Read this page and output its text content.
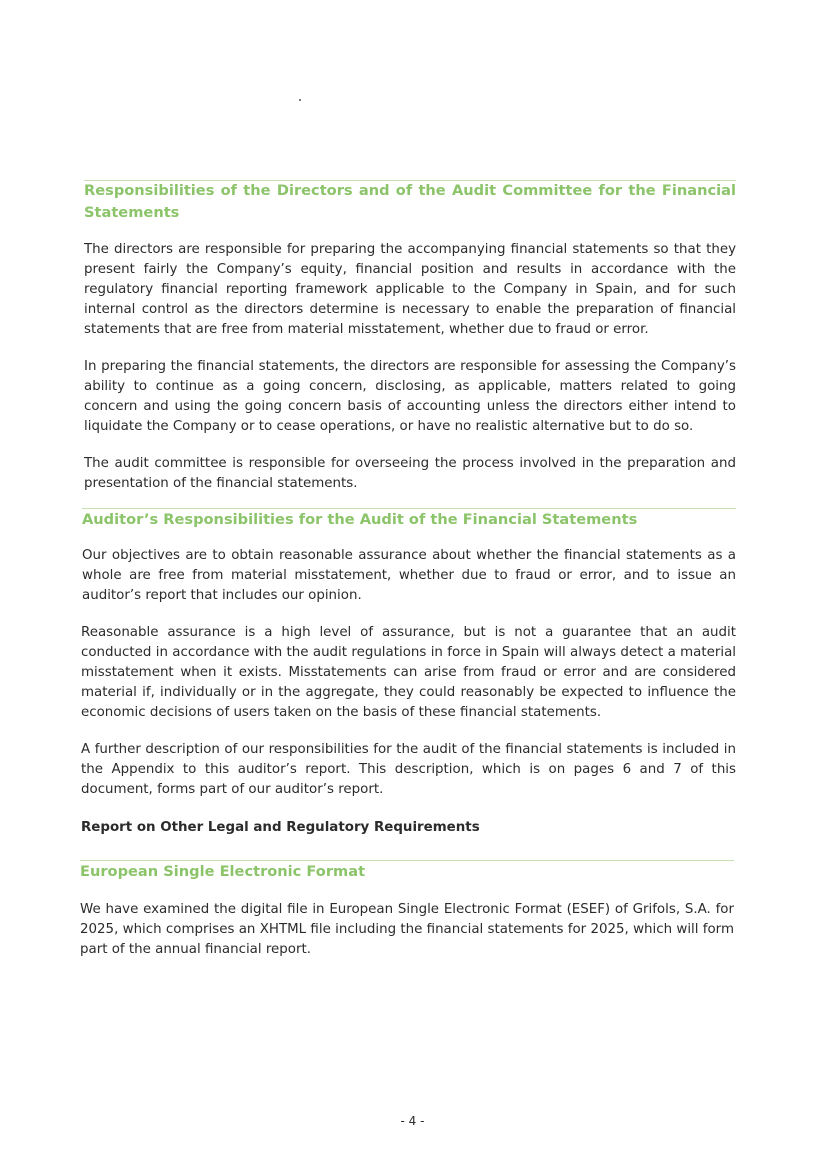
Responsibilities of the Directors and of the Audit Committee for the Financial Statements

The directors are responsible for preparing the accompanying financial statements so that they present fairly the Company’s equity, financial position and results in accordance with the regulatory financial reporting framework applicable to the Company in Spain, and for such internal control as the directors determine is necessary to enable the preparation of financial statements that are free from material misstatement, whether due to fraud or error.

In preparing the financial statements, the directors are responsible for assessing the Company’s ability to continue as a going concern, disclosing, as applicable, matters related to going concern and using the going concern basis of accounting unless the directors either intend to liquidate the Company or to cease operations, or have no realistic alternative but to do so.

The audit committee is responsible for overseeing the process involved in the preparation and presentation of the financial statements.

Auditor’s Responsibilities for the Audit of the Financial Statements

Our objectives are to obtain reasonable assurance about whether the financial statements as a whole are free from material misstatement, whether due to fraud or error, and to issue an auditor’s report that includes our opinion.

Reasonable assurance is a high level of assurance, but is not a guarantee that an audit conducted in accordance with the audit regulations in force in Spain will always detect a material misstatement when it exists. Misstatements can arise from fraud or error and are considered material if, individually or in the aggregate, they could reasonably be expected to influence the economic decisions of users taken on the basis of these financial statements.

A further description of our responsibilities for the audit of the financial statements is included in the Appendix to this auditor’s report. This description, which is on pages 6 and 7 of this document, forms part of our auditor’s report.

Report on Other Legal and Regulatory Requirements
European Single Electronic Format

We have examined the digital file in European Single Electronic Format (ESEF) of Grifols, S.A. for 2025, which comprises an XHTML file including the financial statements for 2025, which will form part of the annual financial report.

- 4 -
